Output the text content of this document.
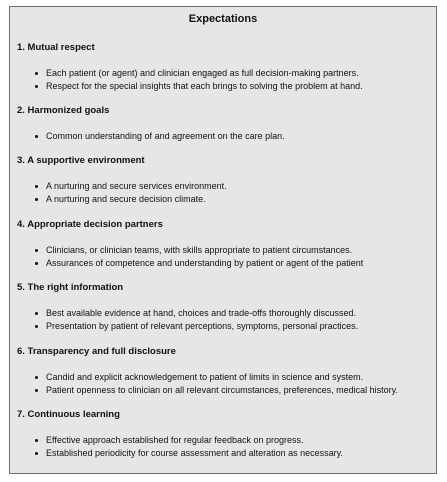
Expectations
1. Mutual respect
Each patient (or agent) and clinician engaged as full decision-making partners.
Respect for the special insights that each brings to solving the problem at hand.
2. Harmonized goals
Common understanding of and agreement on the care plan.
3. A supportive environment
A nurturing and secure services environment.
A nurturing and secure decision climate.
4. Appropriate decision partners
Clinicians, or clinician teams, with skills appropriate to patient circumstances.
Assurances of competence and understanding by patient or agent of the patient
5. The right information
Best available evidence at hand, choices and trade-offs thoroughly discussed.
Presentation by patient of relevant perceptions, symptoms, personal practices.
6. Transparency and full disclosure
Candid and explicit acknowledgement to patient of limits in science and system.
Patient openness to clinician on all relevant circumstances, preferences, medical history.
7. Continuous learning
Effective approach established for regular feedback on progress.
Established periodicity for course assessment and alteration as necessary.
